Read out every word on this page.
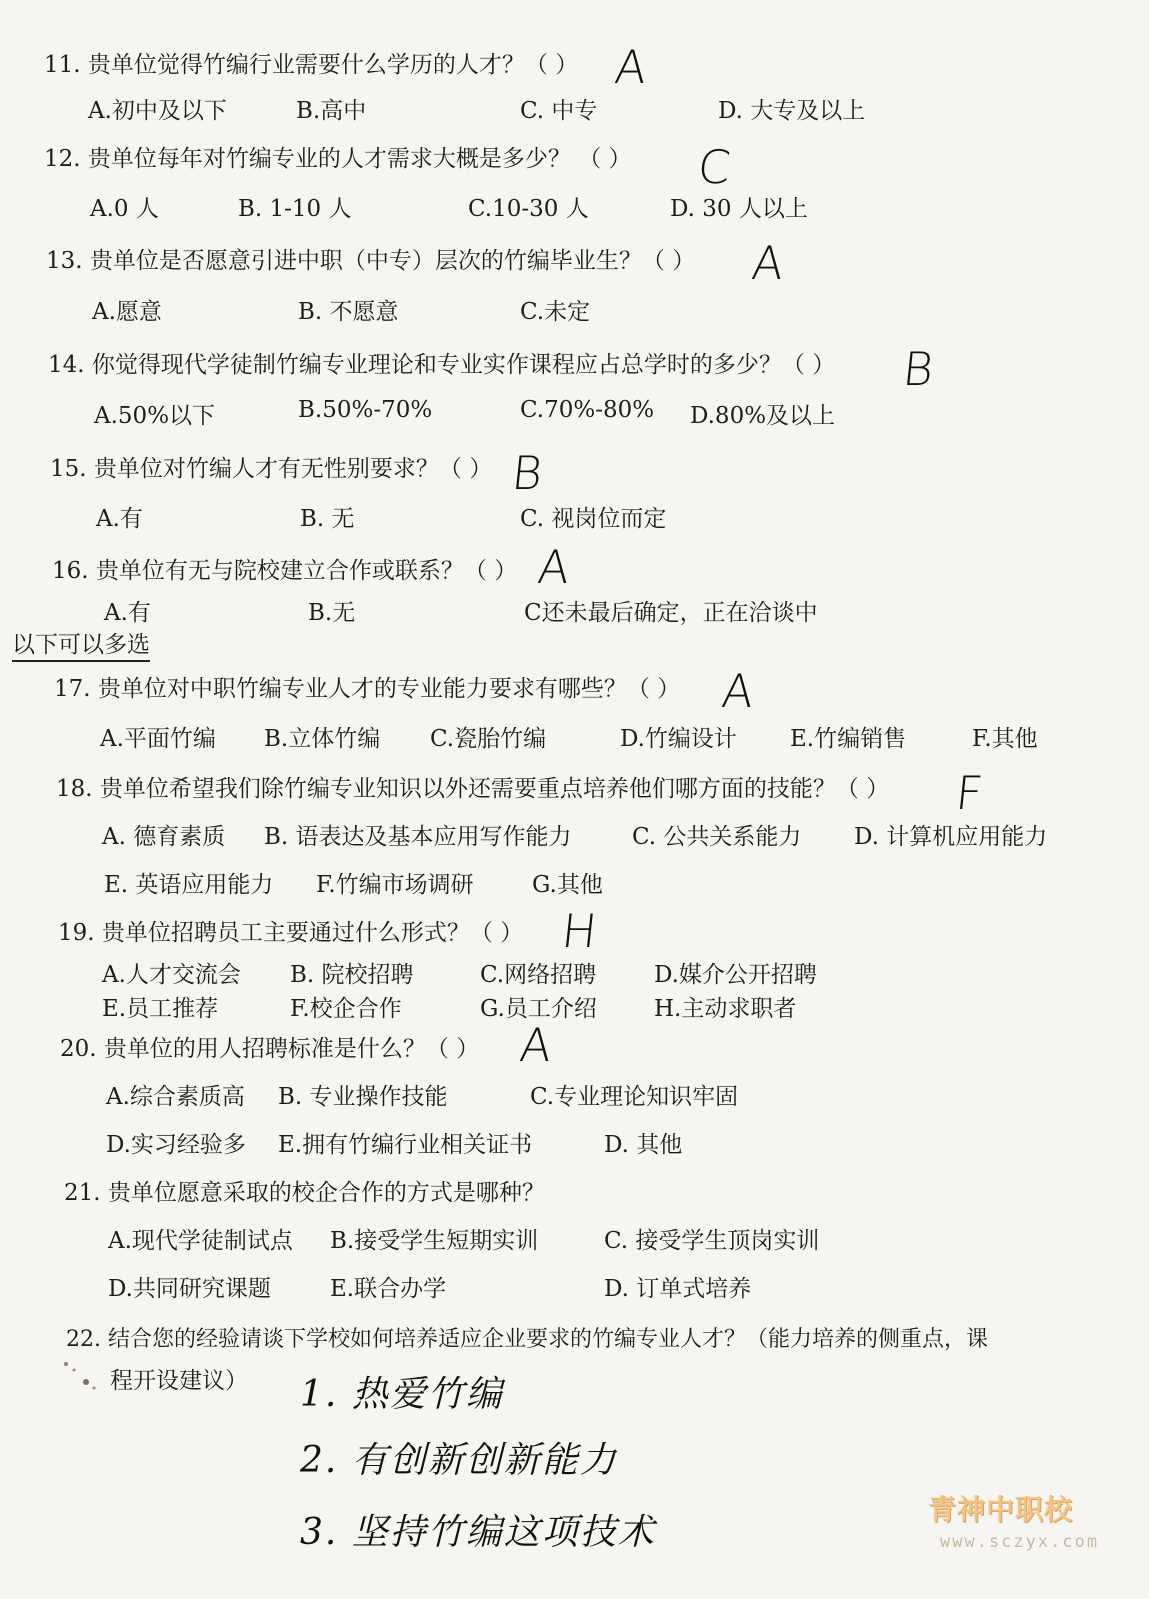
11. 贵单位觉得竹编行业需要什么学历的人才？（ ） A
A.初中及以下	B.高中	C. 中专	D. 大专及以上
12. 贵单位每年对竹编专业的人才需求大概是多少？ （ ） C
A.0 人	B. 1-10 人	C.10-30 人	D. 30 人以上
13. 贵单位是否愿意引进中职（中专）层次的竹编毕业生？（ ） A
A.愿意	B. 不愿意	C.未定
14. 你觉得现代学徒制竹编专业理论和专业实作课程应占总学时的多少？（ ） B
A.50%以下	B.50%-70%	C.70%-80% D.80%及以上
15. 贵单位对竹编人才有无性别要求？（ ） B
A.有	B. 无	C. 视岗位而定
16. 贵单位有无与院校建立合作或联系？（ ） A
A.有	B.无	C还未最后确定，正在洽谈中
以下可以多选
17. 贵单位对中职竹编专业人才的专业能力要求有哪些？（ ） A
A.平面竹编 B.立体竹编 C.瓷胎竹编	D.竹编设计 E.竹编销售	F.其他
18. 贵单位希望我们除竹编专业知识以外还需要重点培养他们哪方面的技能？（ ） F
A. 德育素质 B. 语表达及基本应用写作能力	C. 公共关系能力 D. 计算机应用能力
E. 英语应用能力 F.竹编市场调研	G.其他
19. 贵单位招聘员工主要通过什么形式？（ ） H
A.人才交流会 B. 院校招聘	C.网络招聘	D.媒介公开招聘
E.员工推荐	F.校企合作	G.员工介绍 H.主动求职者
20. 贵单位的用人招聘标准是什么？（ ） A
A.综合素质高 B. 专业操作技能	C.专业理论知识牢固
D.实习经验多 E.拥有竹编行业相关证书	D. 其他
21. 贵单位愿意采取的校企合作的方式是哪种？
A.现代学徒制试点 B.接受学生短期实训	C. 接受学生顶岗实训
D.共同研究课题	E.联合办学	D. 订单式培养
22. 结合您的经验请谈下学校如何培养适应企业要求的竹编专业人才？（能力培养的侧重点，课
程开设建议） 1. 热爱竹编
2. 有创新创新能力
3. 坚持竹编这项技术
青神中职校
www.sczyx.com
